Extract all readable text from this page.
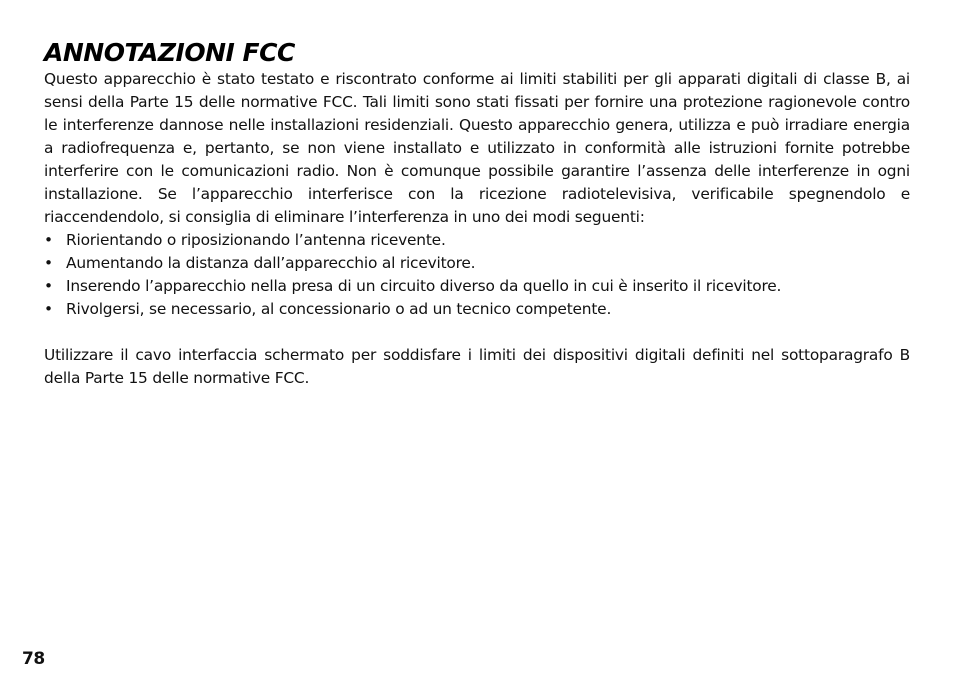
ANNOTAZIONI FCC

Questo apparecchio è stato testato e riscontrato conforme ai limiti stabiliti per gli apparati digitali di classe B, ai sensi della Parte 15 delle normative FCC. Tali limiti sono stati fissati per fornire una protezione ragionevole contro le interferenze dannose nelle installazioni residenziali. Questo apparecchio genera, utilizza e può irradiare energia a radiofrequenza e, pertanto, se non viene installato e utilizzato in conformità alle istruzioni fornite potrebbe interferire con le comunicazioni radio. Non è comunque possibile garantire l’assenza delle interferenze in ogni installazione. Se l’apparecchio interferisce con la ricezione radiotelevisiva, verificabile spegnendolo e riaccendendolo, si consiglia di eliminare l’interferenza in uno dei modi seguenti:

• Riorientando o riposizionando l’antenna ricevente.
• Aumentando la distanza dall’apparecchio al ricevitore.
• Inserendo l’apparecchio nella presa di un circuito diverso da quello in cui è inserito il ricevitore.
• Rivolgersi, se necessario, al concessionario o ad un tecnico competente.

Utilizzare il cavo interfaccia schermato per soddisfare i limiti dei dispositivi digitali definiti nel sottoparagrafo B della Parte 15 delle normative FCC.

78
